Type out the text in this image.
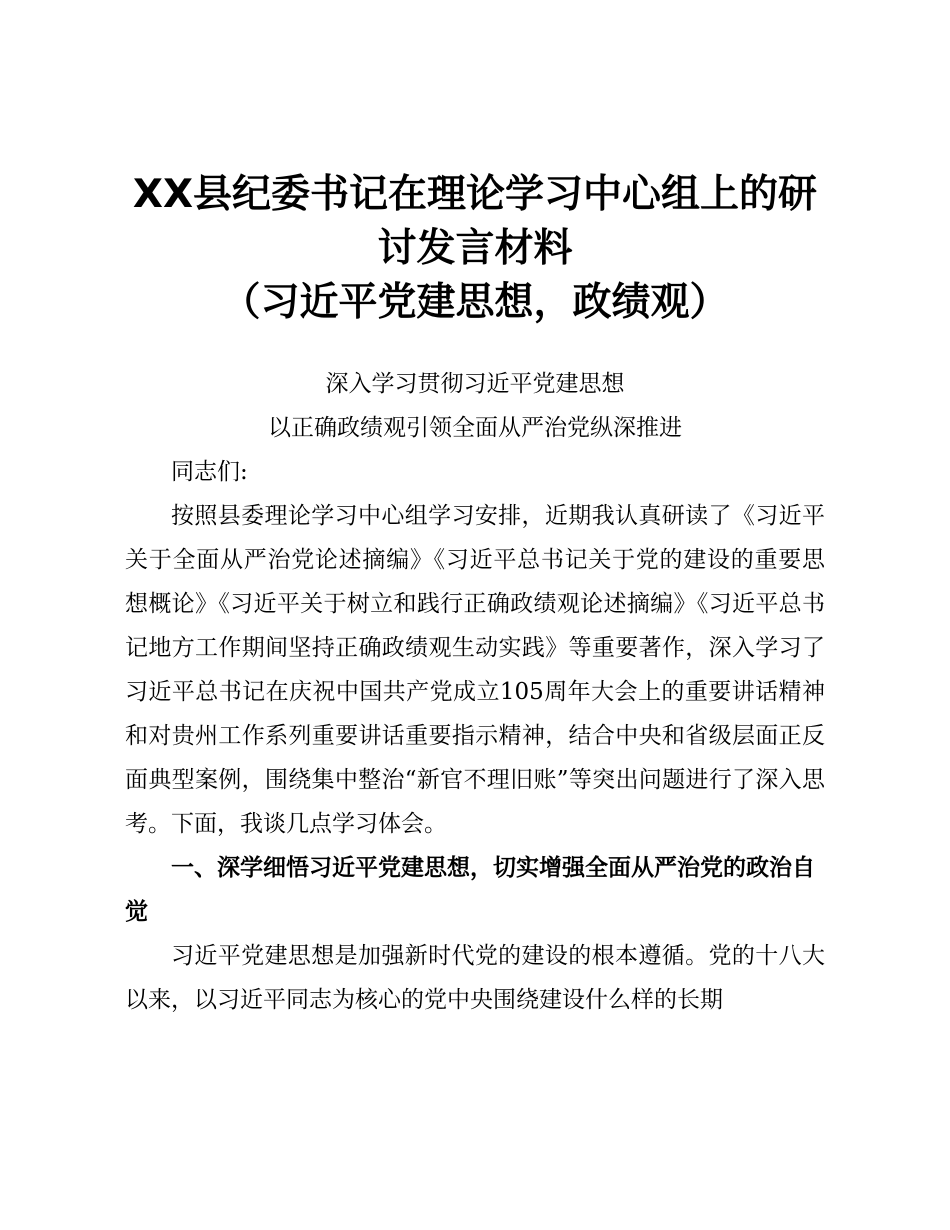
XX县纪委书记在理论学习中心组上的研
讨发言材料
（习近平党建思想，政绩观）

深入学习贯彻习近平党建思想

以正确政绩观引领全面从严治党纵深推进

同志们:

按照县委理论学习中心组学习安排，近期我认真研读了《习近平关于全面从严治党论述摘编》《习近平总书记关于党的建设的重要思想概论》《习近平关于树立和践行正确政绩观论述摘编》《习近平总书记地方工作期间坚持正确政绩观生动实践》等重要著作，深入学习了习近平总书记在庆祝中国共产党成立105周年大会上的重要讲话精神和对贵州工作系列重要讲话重要指示精神，结合中央和省级层面正反面典型案例，围绕集中整治“新官不理旧账”等突出问题进行了深入思考。下面，我谈几点学习体会。

一、深学细悟习近平党建思想，切实增强全面从严治党的政治自觉

习近平党建思想是加强新时代党的建设的根本遵循。党的十八大以来，以习近平同志为核心的党中央围绕建设什么样的长期
